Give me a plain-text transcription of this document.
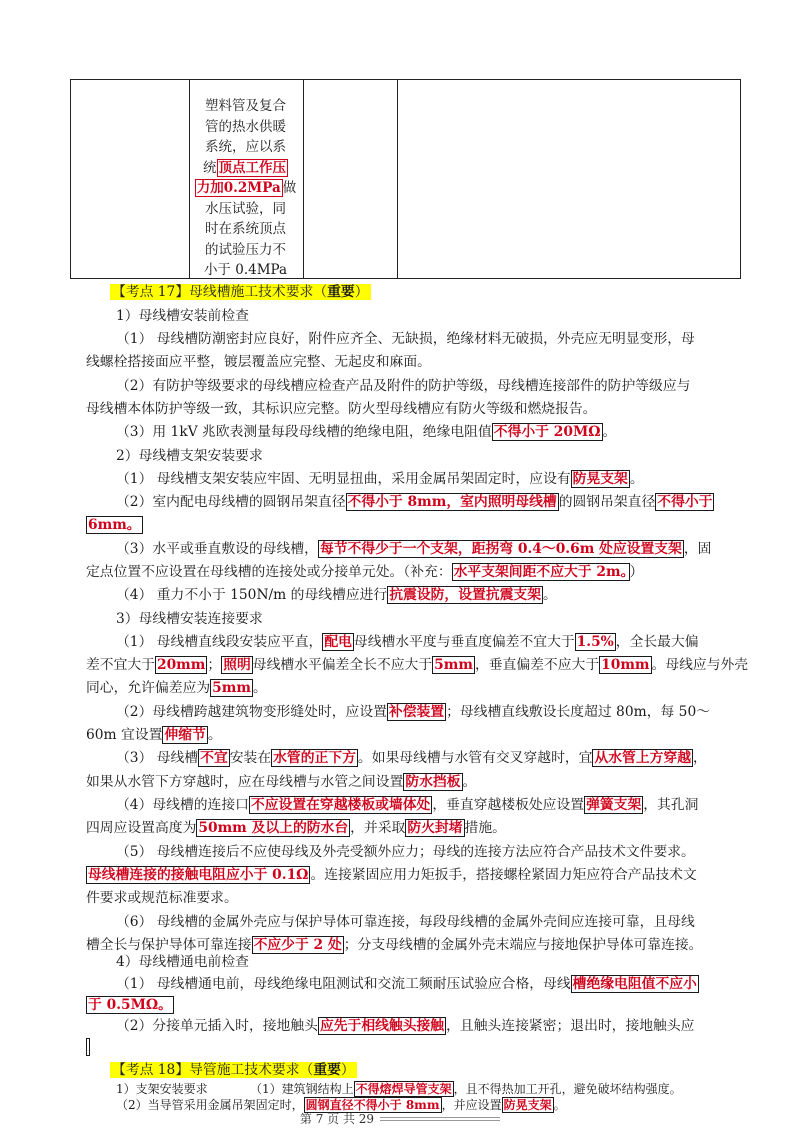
塑料管及复合
管的热水供暖
系统，应以系
统 顶点工作压
力加0.2MPa 做
水压试验，同
时在系统顶点
的试验压力不
小于 0.4MPa
【考点 17】母线槽施工技术要求（重要）
1）母线槽安装前检查
（1） 母线槽防潮密封应良好，附件应齐全、无缺损，绝缘材料无破损，外壳应无明显变形，母
线螺栓搭接面应平整，镀层覆盖应完整、无起皮和麻面。
（2）有防护等级要求的母线槽应检查产品及附件的防护等级，母线槽连接部件的防护等级应与
母线槽本体防护等级一致，其标识应完整。防火型母线槽应有防火等级和燃烧报告。
（3）用 1kV 兆欧表测量每段母线槽的绝缘电阻，绝缘电阻值 不得小于 20MΩ 。
2）母线槽支架安装要求
（1） 母线槽支架安装应牢固、无明显扭曲，采用金属吊架固定时，应设有 防晃支架 。
（2）室内配电母线槽的圆钢吊架直径 不得小于 8mm，室内照明母线槽 的圆钢吊架直径 不得小于
6mm。
（3）水平或垂直敷设的母线槽， 每节不得少于一个支架，距拐弯 0.4～0.6m 处应设置支架 ，固
定点位置不应设置在母线槽的连接处或分接单元处。（补充： 水平支架间距不应大于 2m。 ）
（4） 重力不小于 150N/m 的母线槽应进行 抗震设防，设置抗震支架 。
3）母线槽安装连接要求
（1） 母线槽直线段安装应平直， 配电 母线槽水平度与垂直度偏差不宜大于 1.5% ，全长最大偏
差不宜大于 20mm ； 照明 母线槽水平偏差全长不应大于 5mm ，垂直偏差不应大于 10mm 。母线应与外壳
同心，允许偏差应为 5mm 。
（2）母线槽跨越建筑物变形缝处时，应设置 补偿装置 ；母线槽直线敷设长度超过 80m，每 50～
60m 宜设置 伸缩节 。
（3） 母线槽 不宜 安装在 水管的正下方 。如果母线槽与水管有交叉穿越时，宜 从水管上方穿越 ，
如果从水管下方穿越时，应在母线槽与水管之间设置 防水挡板 。
（4）母线槽的连接口 不应设置在穿越楼板或墙体处 ，垂直穿越楼板处应设置 弹簧支架 ，其孔洞
四周应设置高度为 50mm 及以上的防水台 ，并采取 防火封堵 措施。
（5） 母线槽连接后不应使母线及外壳受额外应力；母线的连接方法应符合产品技术文件要求。
母线槽连接的接触电阻应小于 0.1Ω 。连接紧固应用力矩扳手，搭接螺栓紧固力矩应符合产品技术文
件要求或规范标准要求。
（6） 母线槽的金属外壳应与保护导体可靠连接，每段母线槽的金属外壳间应连接可靠，且母线
槽全长与保护导体可靠连接 不应少于 2 处 ；分支母线槽的金属外壳末端应与接地保护导体可靠连接。
4）母线槽通电前检查
（1） 母线槽通电前，母线绝缘电阻测试和交流工频耐压试验应合格，母线 槽绝缘电阻值不应小
于 0.5MΩ。
（2）分接单元插入时，接地触头 应先于相线触头接触 ，且触头连接紧密；退出时，接地触头应
第 7 页 共 29
【考点 18】导管施工技术要求（重要）
1）支架安装要求	（1）建筑钢结构上 不得熔焊导管支架 ，且不得热加工开孔，避免破坏结构强度。
（2）当导管采用金属吊架固定时， 圆钢直径不得小于 8mm ，并应设置 防晃支架 。
